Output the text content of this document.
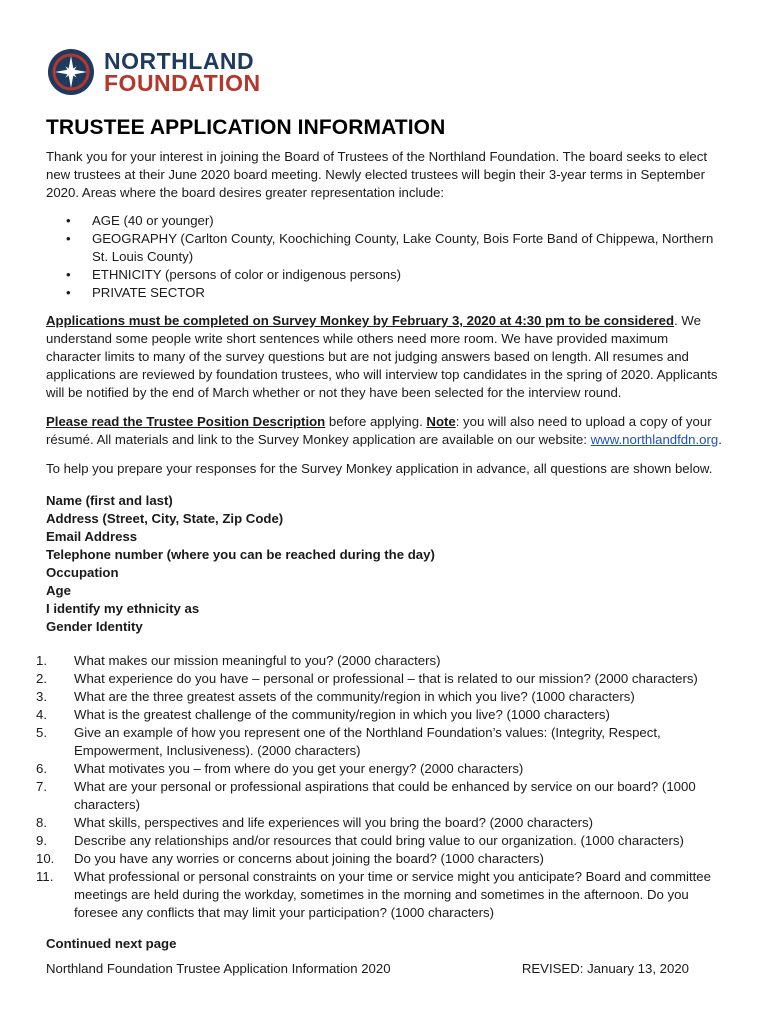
NORTHLAND
FOUNDATION
TRUSTEE APPLICATION INFORMATION

Thank you for your interest in joining the Board of Trustees of the Northland Foundation. The board seeks to elect new trustees at their June 2020 board meeting. Newly elected trustees will begin their 3-year terms in September 2020. Areas where the board desires greater representation include:

• AGE (40 or younger)
• GEOGRAPHY (Carlton County, Koochiching County, Lake County, Bois Forte Band of Chippewa, Northern St. Louis County)
• ETHNICITY (persons of color or indigenous persons)
• PRIVATE SECTOR

Applications must be completed on Survey Monkey by February 3, 2020 at 4:30 pm to be considered. We understand some people write short sentences while others need more room. We have provided maximum character limits to many of the survey questions but are not judging answers based on length. All resumes and applications are reviewed by foundation trustees, who will interview top candidates in the spring of 2020. Applicants will be notified by the end of March whether or not they have been selected for the interview round.

Please read the Trustee Position Description before applying. Note: you will also need to upload a copy of your résumé. All materials and link to the Survey Monkey application are available on our website: www.northlandfdn.org.

To help you prepare your responses for the Survey Monkey application in advance, all questions are shown below.

Name (first and last)
Address (Street, City, State, Zip Code)
Email Address
Telephone number (where you can be reached during the day)
Occupation
Age
I identify my ethnicity as
Gender Identity
1.	What makes our mission meaningful to you? (2000 characters)
2.	What experience do you have – personal or professional – that is related to our mission? (2000 characters)
3.	What are the three greatest assets of the community/region in which you live? (1000 characters)
4.	What is the greatest challenge of the community/region in which you live? (1000 characters)
5.	Give an example of how you represent one of the Northland Foundation’s values: (Integrity, Respect, Empowerment, Inclusiveness). (2000 characters)
6.	What motivates you – from where do you get your energy? (2000 characters)
7.	What are your personal or professional aspirations that could be enhanced by service on our board? (1000 characters)
8.	What skills, perspectives and life experiences will you bring the board? (2000 characters)
9.	Describe any relationships and/or resources that could bring value to our organization. (1000 characters)
10.	Do you have any worries or concerns about joining the board? (1000 characters)
11.	What professional or personal constraints on your time or service might you anticipate? Board and committee meetings are held during the workday, sometimes in the morning and sometimes in the afternoon. Do you foresee any conflicts that may limit your participation? (1000 characters)
Continued next page
Northland Foundation Trustee Application Information 2020	REVISED: January 13, 2020
